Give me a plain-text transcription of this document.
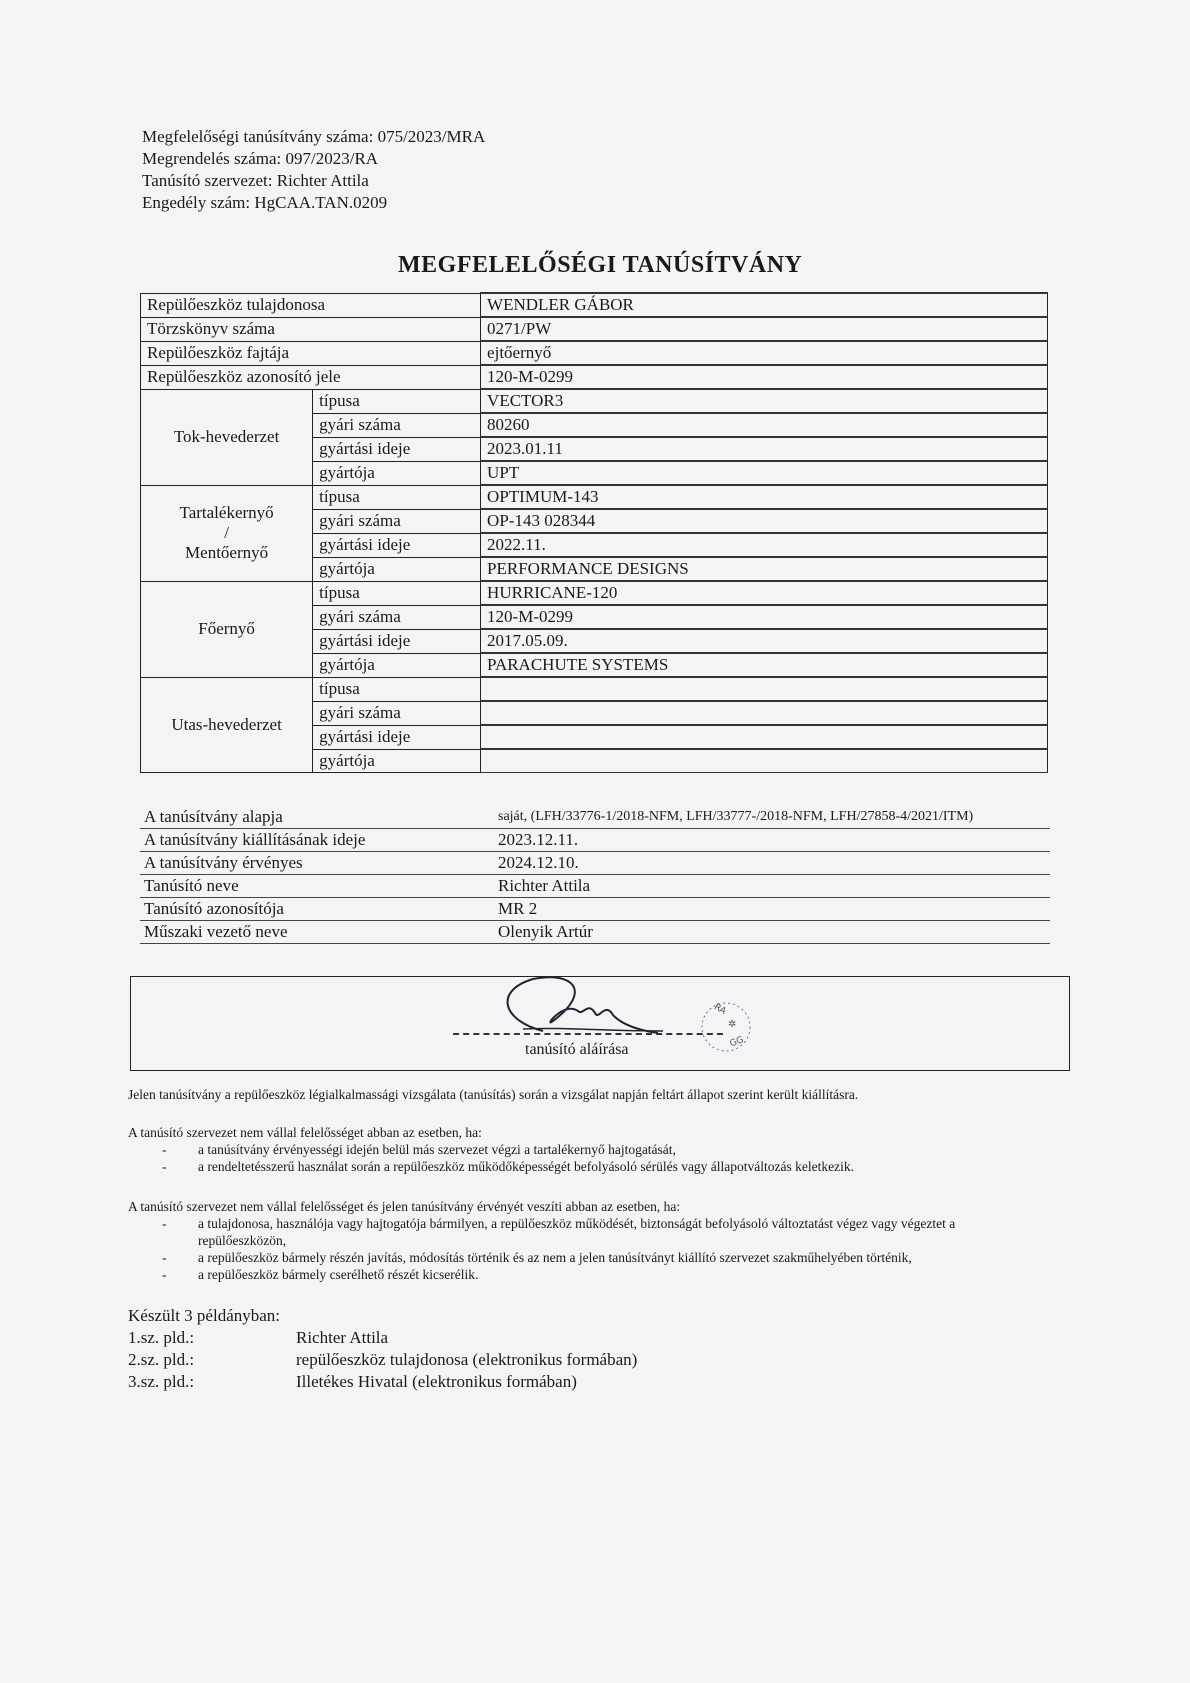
Megfelelőségi tanúsítvány száma: 075/2023/MRA
Megrendelés száma: 097/2023/RA
Tanúsító szervezet: Richter Attila
Engedély szám: HgCAA.TAN.0209
MEGFELELŐSÉGI TANÚSÍTVÁNY
Repülőeszköz tulajdonosa		WENDLER GÁBOR
Törzskönyv száma		0271/PW
Repülőeszköz fajtája		ejtőernyő
Repülőeszköz azonosító jele		120-M-0299
Tok-hevederzet	típusa	VECTOR3
	gyári száma	80260
	gyártási ideje	2023.01.11
	gyártója	UPT

Tartalékernyő
/
Mentőernyő	típusa	OPTIMUM-143
	gyári száma	OP-143 028344
	gyártási ideje	2022.11.
	gyártója	PERFORMANCE DESIGNS
Főernyő	típusa	HURRICANE-120
	gyári száma	120-M-0299
	gyártási ideje	2017.05.09.
	gyártója	PARACHUTE SYSTEMS
Utas-hevederzet	típusa	
	gyári száma	
	gyártási ideje	
	gyártója	
A tanúsítvány alapja	saját, (LFH/33776-1/2018-NFM, LFH/33777-/2018-NFM, LFH/27858-4/2021/ITM)
A tanúsítvány kiállításának ideje	2023.12.11.
A tanúsítvány érvényes	2024.12.10.
Tanúsító neve	Richter Attila
Tanúsító azonosítója	MR 2
Műszaki vezető neve	Olenyik Artúr
RA
GG
✲
tanúsító aláírása
Jelen tanúsítvány a repülőeszköz légialkalmassági vizsgálata (tanúsítás) során a vizsgálat napján feltárt állapot szerint került kiállításra.
A tanúsító szervezet nem vállal felelősséget abban az esetben, ha:
- a tanúsítvány érvényességi idején belül más szervezet végzi a tartalékernyő hajtogatását,
- a rendeltetésszerű használat során a repülőeszköz működőképességét befolyásoló sérülés vagy állapotváltozás keletkezik.
A tanúsító szervezet nem vállal felelősséget és jelen tanúsítvány érvényét veszíti abban az esetben, ha:
- a tulajdonosa, használója vagy hajtogatója bármilyen, a repülőeszköz működését, biztonságát befolyásoló változtatást végez vagy végeztet a repülőeszközön,
- a repülőeszköz bármely részén javítás, módosítás történik és az nem a jelen tanúsítványt kiállító szervezet szakműhelyében történik,
- a repülőeszköz bármely cserélhető részét kicserélik.
Készült 3 példányban:
1.sz. pld.:	Richter Attila
2.sz. pld.:	repülőeszköz tulajdonosa (elektronikus formában)
3.sz. pld.:	Illetékes Hivatal (elektronikus formában)
